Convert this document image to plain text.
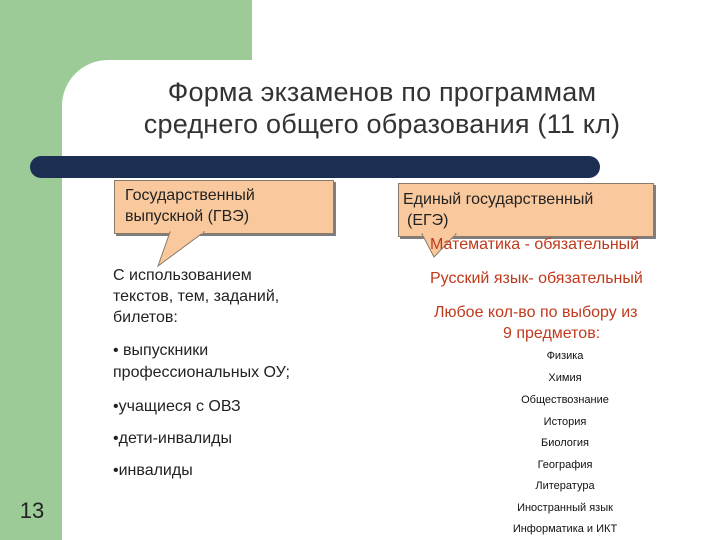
Форма экзаменов по программам
среднего общего образования (11 кл)
Государственный
выпускной (ГВЭ)
Единый государственный
(ЕГЭ)
С использованием
текстов, тем, заданий,
билетов:
• выпускники
профессиональных ОУ;
•учащиеся с ОВЗ
•дети-инвалиды
•инвалиды
Математика - обязательный
Русский язык- обязательный
Любое кол-во по выбору из
9 предметов:
Физика
Химия
Обществознание
История
Биология
География
Литература
Иностранный язык
Информатика и ИКТ
13
